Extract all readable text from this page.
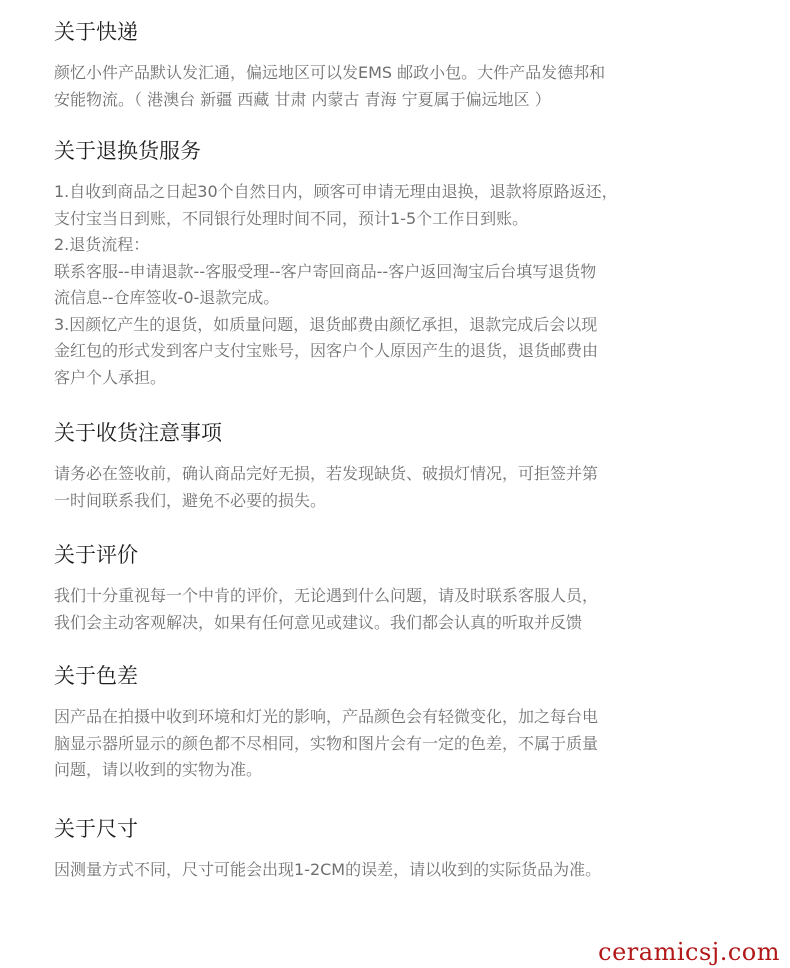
关于快递

颜忆小件产品默认发汇通，偏远地区可以发EMS 邮政小包。大件产品发德邦和

安能物流。（ 港澳台 新疆 西藏 甘肃 内蒙古 青海 宁夏属于偏远地区 ）

关于退换货服务

1.自收到商品之日起30个自然日内，顾客可申请无理由退换，退款将原路返还，

支付宝当日到账，不同银行处理时间不同，预计1-5个工作日到账。

2.退货流程：

联系客服--申请退款--客服受理--客户寄回商品--客户返回淘宝后台填写退货物

流信息--仓库签收-0-退款完成。

3.因颜忆产生的退货，如质量问题，退货邮费由颜忆承担，退款完成后会以现

金红包的形式发到客户支付宝账号，因客户个人原因产生的退货，退货邮费由

客户个人承担。

关于收货注意事项

请务必在签收前，确认商品完好无损，若发现缺货、破损灯情况，可拒签并第

一时间联系我们，避免不必要的损失。

关于评价

我们十分重视每一个中肯的评价，无论遇到什么问题，请及时联系客服人员，

我们会主动客观解决，如果有任何意见或建议。我们都会认真的听取并反馈

关于色差

因产品在拍摄中收到环境和灯光的影响，产品颜色会有轻微变化，加之每台电

脑显示器所显示的颜色都不尽相同，实物和图片会有一定的色差，不属于质量

问题，请以收到的实物为准。

关于尺寸

因测量方式不同，尺寸可能会出现1-2CM的误差，请以收到的实际货品为准。

ceramicsj.com
